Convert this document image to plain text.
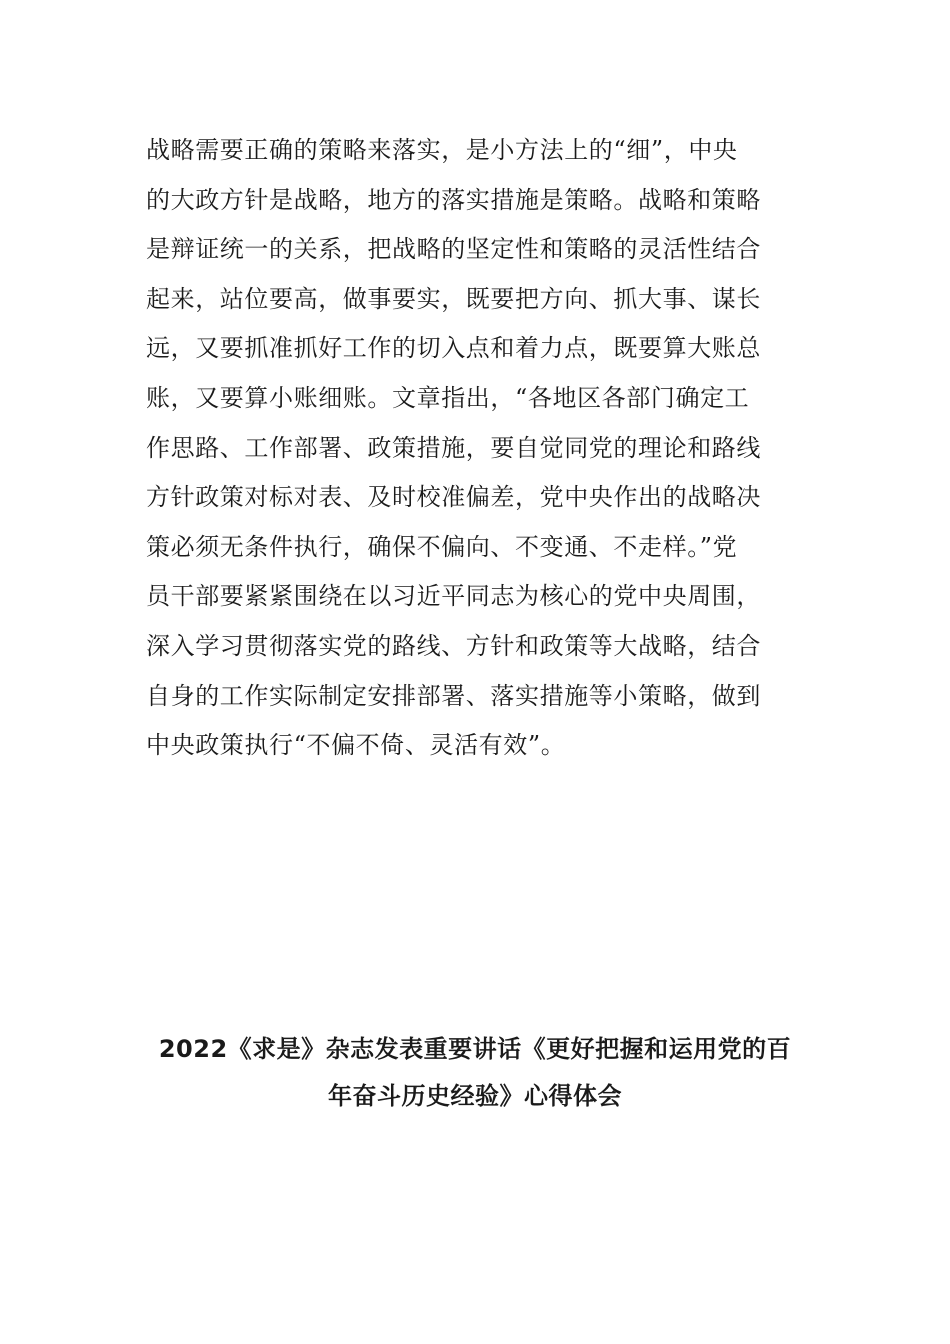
战略需要正确的策略来落实，是小方法上的“细”，中央
的大政方针是战略，地方的落实措施是策略。战略和策略
是辩证统一的关系，把战略的坚定性和策略的灵活性结合
起来，站位要高，做事要实，既要把方向、抓大事、谋长
远，又要抓准抓好工作的切入点和着力点，既要算大账总
账，又要算小账细账。文章指出，“各地区各部门确定工
作思路、工作部署、政策措施，要自觉同党的理论和路线
方针政策对标对表、及时校准偏差，党中央作出的战略决
策必须无条件执行，确保不偏向、不变通、不走样。”党
员干部要紧紧围绕在以习近平同志为核心的党中央周围，
深入学习贯彻落实党的路线、方针和政策等大战略，结合
自身的工作实际制定安排部署、落实措施等小策略，做到
中央政策执行“不偏不倚、灵活有效”。
2022《求是》杂志发表重要讲话《更好把握和运用党的百
年奋斗历史经验》心得体会
